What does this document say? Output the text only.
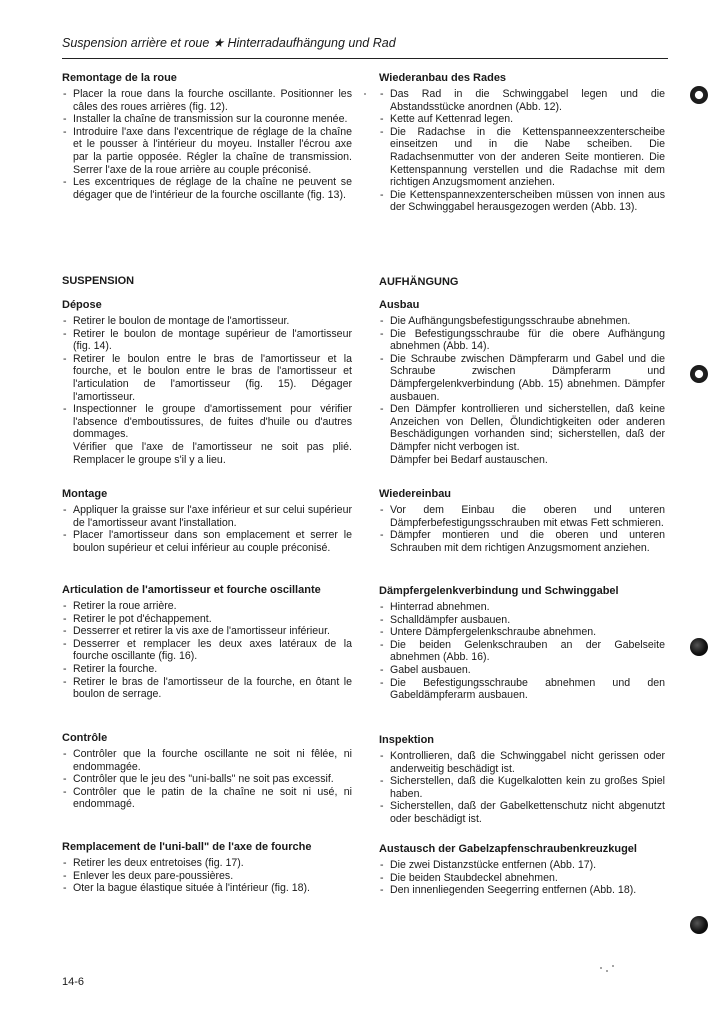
Suspension arrière et roue ★ Hinterradaufhängung und Rad
Remontage de la roue
- Placer la roue dans la fourche oscillante. Positionner les câles des roues arrières (fig. 12).
- Installer la chaîne de transmission sur la couronne menée.
- Introduire l'axe dans l'excentrique de réglage de la chaîne et le pousser à l'intérieur du moyeu. Installer l'écrou axe par la partie opposée. Régler la chaîne de transmission. Serrer l'axe de la roue arrière au couple préconisé.
- Les excentriques de réglage de la chaîne ne peuvent se dégager que de l'intérieur de la fourche oscillante (fig. 13).
SUSPENSION
Dépose
- Retirer le boulon de montage de l'amortisseur.
- Retirer le boulon de montage supérieur de l'amortisseur (fig. 14).
- Retirer le boulon entre le bras de l'amortisseur et la fourche, et le boulon entre le bras de l'amortisseur et l'articulation de l'amortisseur (fig. 15). Dégager l'amortisseur.
- Inspectionner le groupe d'amortissement pour vérifier l'absence d'emboutissures, de fuites d'huile ou d'autres dommages.
Vérifier que l'axe de l'amortisseur ne soit pas plié. Remplacer le groupe s'il y a lieu.
Montage
- Appliquer la graisse sur l'axe inférieur et sur celui supérieur de l'amortisseur avant l'installation.
- Placer l'amortisseur dans son emplacement et serrer le boulon supérieur et celui inférieur au couple préconisé.
Articulation de l'amortisseur et fourche oscillante
- Retirer la roue arrière.
- Retirer le pot d'échappement.
- Desserrer et retirer la vis axe de l'amortisseur inférieur.
- Desserrer et remplacer les deux axes latéraux de la fourche oscillante (fig. 16).
- Retirer la fourche.
- Retirer le bras de l'amortisseur de la fourche, en ôtant le boulon de serrage.
Contrôle
- Contrôler que la fourche oscillante ne soit ni fêlée, ni endommagée.
- Contrôler que le jeu des "uni-balls" ne soit pas excessif.
- Contrôler que le patin de la chaîne ne soit ni usé, ni endommagé.
Remplacement de l'uni-ball" de l'axe de fourche
- Retirer les deux entretoises (fig. 17).
- Enlever les deux pare-poussières.
- Oter la bague élastique située à l'intérieur (fig. 18).
Wiederanbau des Rades
- Das Rad in die Schwinggabel legen und die Abstandsstücke anordnen (Abb. 12).
- Kette auf Kettenrad legen.
- Die Radachse in die Kettenspanneexzenterscheibe einseitzen und in die Nabe scheiben. Die Radachsenmutter von der anderen Seite montieren. Die Kettenspannung verstellen und die Radachse mit dem richtigen Anzugsmoment anziehen.
- Die Kettenspannexzenterscheiben müssen von innen aus der Schwinggabel herausgezogen werden (Abb. 13).
AUFHÄNGUNG
Ausbau
- Die Aufhängungsbefestigungsschraube abnehmen.
- Die Befestigungsschraube für die obere Aufhängung abnehmen (Abb. 14).
- Die Schraube zwischen Dämpferarm und Gabel und die Schraube zwischen Dämpferarm und Dämpfergelenkverbindung (Abb. 15) abnehmen. Dämpfer ausbauen.
- Den Dämpfer kontrollieren und sicherstellen, daß keine Anzeichen von Dellen, Ölundichtigkeiten oder anderen Beschädigungen vorhanden sind; sicherstellen, daß der Dämpfer nicht verbogen ist.
Dämpfer bei Bedarf austauschen.
Wiedereinbau
- Vor dem Einbau die oberen und unteren Dämpferbefestigungsschrauben mit etwas Fett schmieren.
- Dämpfer montieren und die oberen und unteren Schrauben mit dem richtigen Anzugsmoment anziehen.
Dämpfergelenkverbindung und Schwinggabel
- Hinterrad abnehmen.
- Schalldämpfer ausbauen.
- Untere Dämpfergelenkschraube abnehmen.
- Die beiden Gelenkschrauben an der Gabelseite abnehmen (Abb. 16).
- Gabel ausbauen.
- Die Befestigungsschraube abnehmen und den Gabeldämpferarm ausbauen.
Inspektion
- Kontrollieren, daß die Schwinggabel nicht gerissen oder anderweitig beschädigt ist.
- Sicherstellen, daß die Kugelkalotten kein zu großes Spiel haben.
- Sicherstellen, daß der Gabelkettenschutz nicht abgenutzt oder beschädigt ist.
Austausch der Gabelzapfenschraubenkreuzkugel
- Die zwei Distanzstücke entfernen (Abb. 17).
- Die beiden Staubdeckel abnehmen.
- Den innenliegenden Seegerring entfernen (Abb. 18).
14-6
